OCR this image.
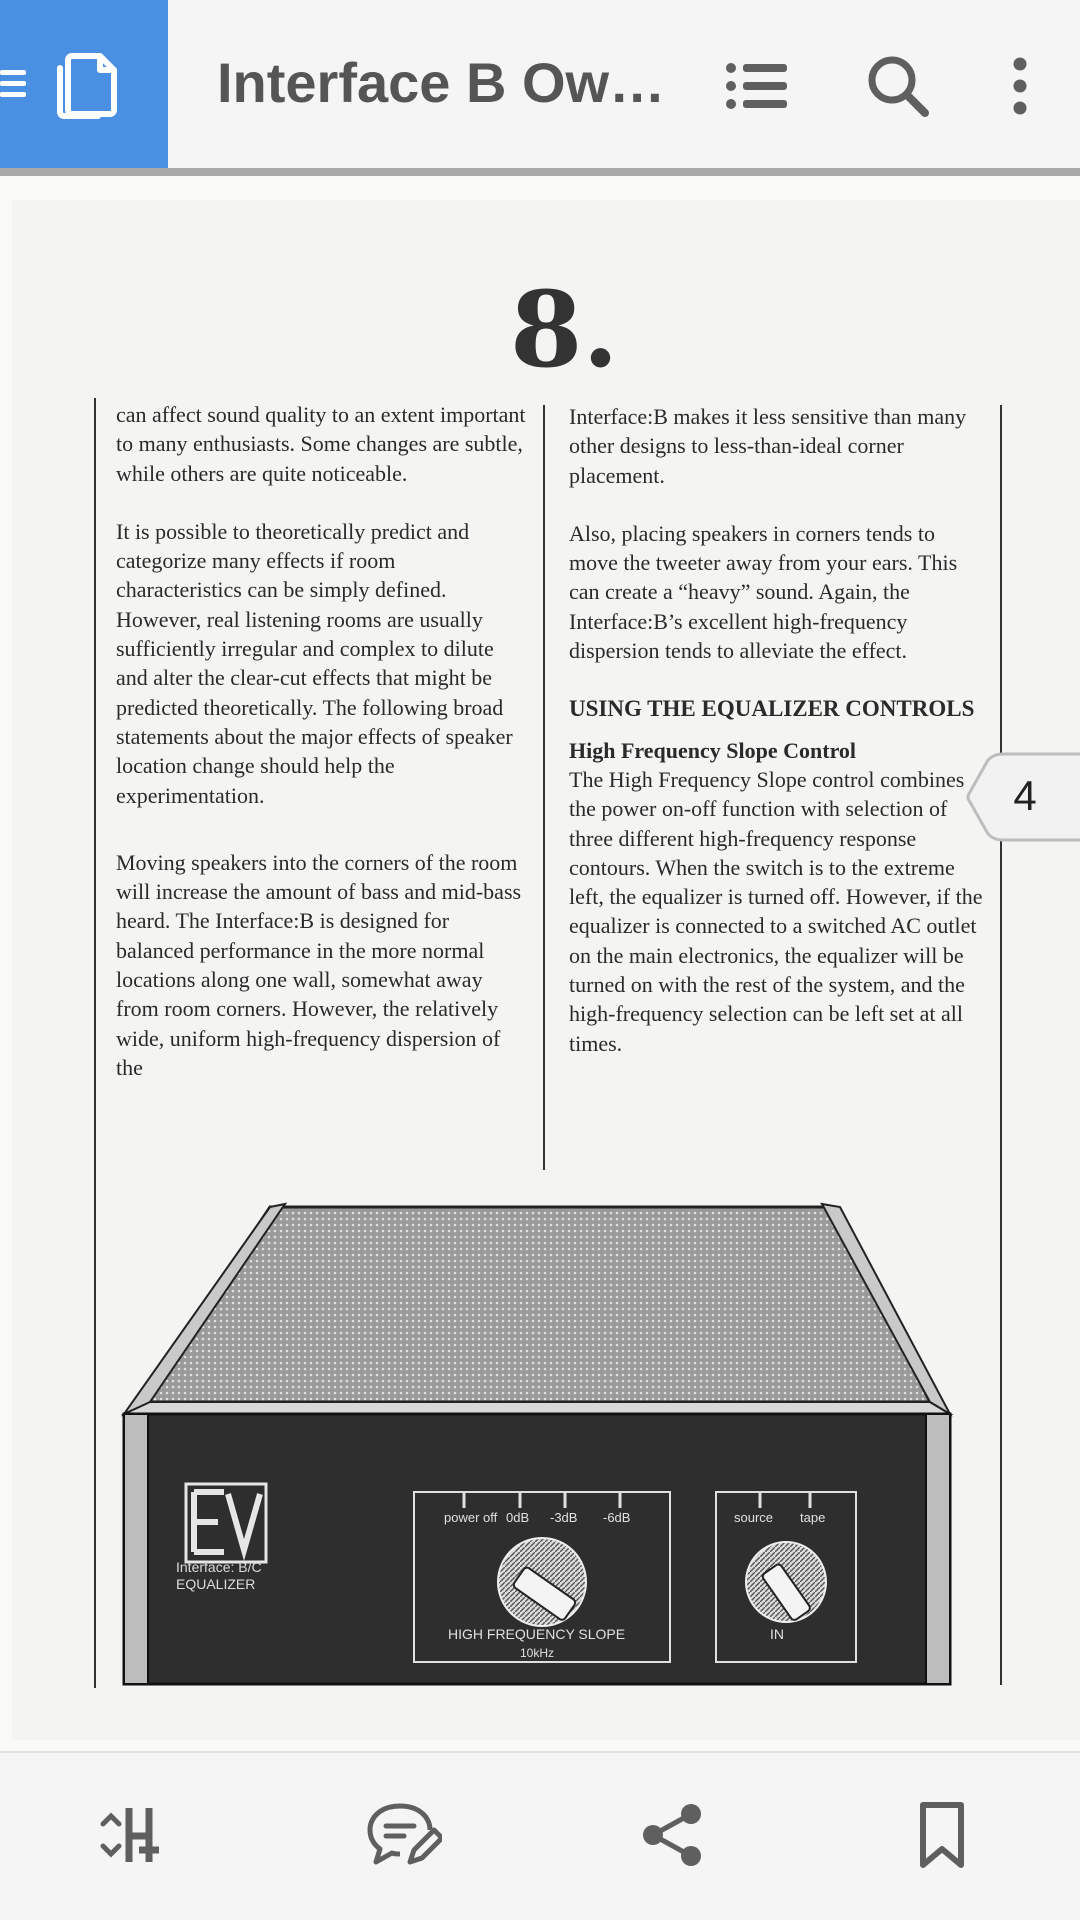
Interface B Ow…
8.

can affect sound quality to an extent important to many enthusiasts. Some changes are subtle, while others are quite noticeable.

It is possible to theoretically predict and categorize many effects if room characteristics can be simply defined. However, real listening rooms are usually sufficiently irregular and complex to dilute and alter the clear-cut effects that might be predicted theoretically. The following broad statements about the major effects of speaker location change should help the experimentation.

Moving speakers into the corners of the room will increase the amount of bass and mid-bass heard. The Interface:B is designed for balanced performance in the more normal locations along one wall, somewhat away from room corners. However, the relatively wide, uniform high-frequency dispersion of the

Interface:B makes it less sensitive than many other designs to less-than-ideal corner placement.

Also, placing speakers in corners tends to move the tweeter away from your ears. This can create a “heavy” sound. Again, the Interface:B’s excellent high-frequency dispersion tends to alleviate the effect.

USING THE EQUALIZER CONTROLS
High Frequency Slope Control

The High Frequency Slope control combines the power on-off function with selection of three different high-frequency response contours. When the switch is to the extreme left, the equalizer is turned off. However, if the equalizer is connected to a switched AC outlet on the main electronics, the equalizer will be turned on with the rest of the system, and the high-frequency selection can be left set at all times.

Interface: B/C
EQUALIZER
power off 0dB -3dB -6dB
HIGH FREQUENCY SLOPE
10kHz
source tape
IN
4
